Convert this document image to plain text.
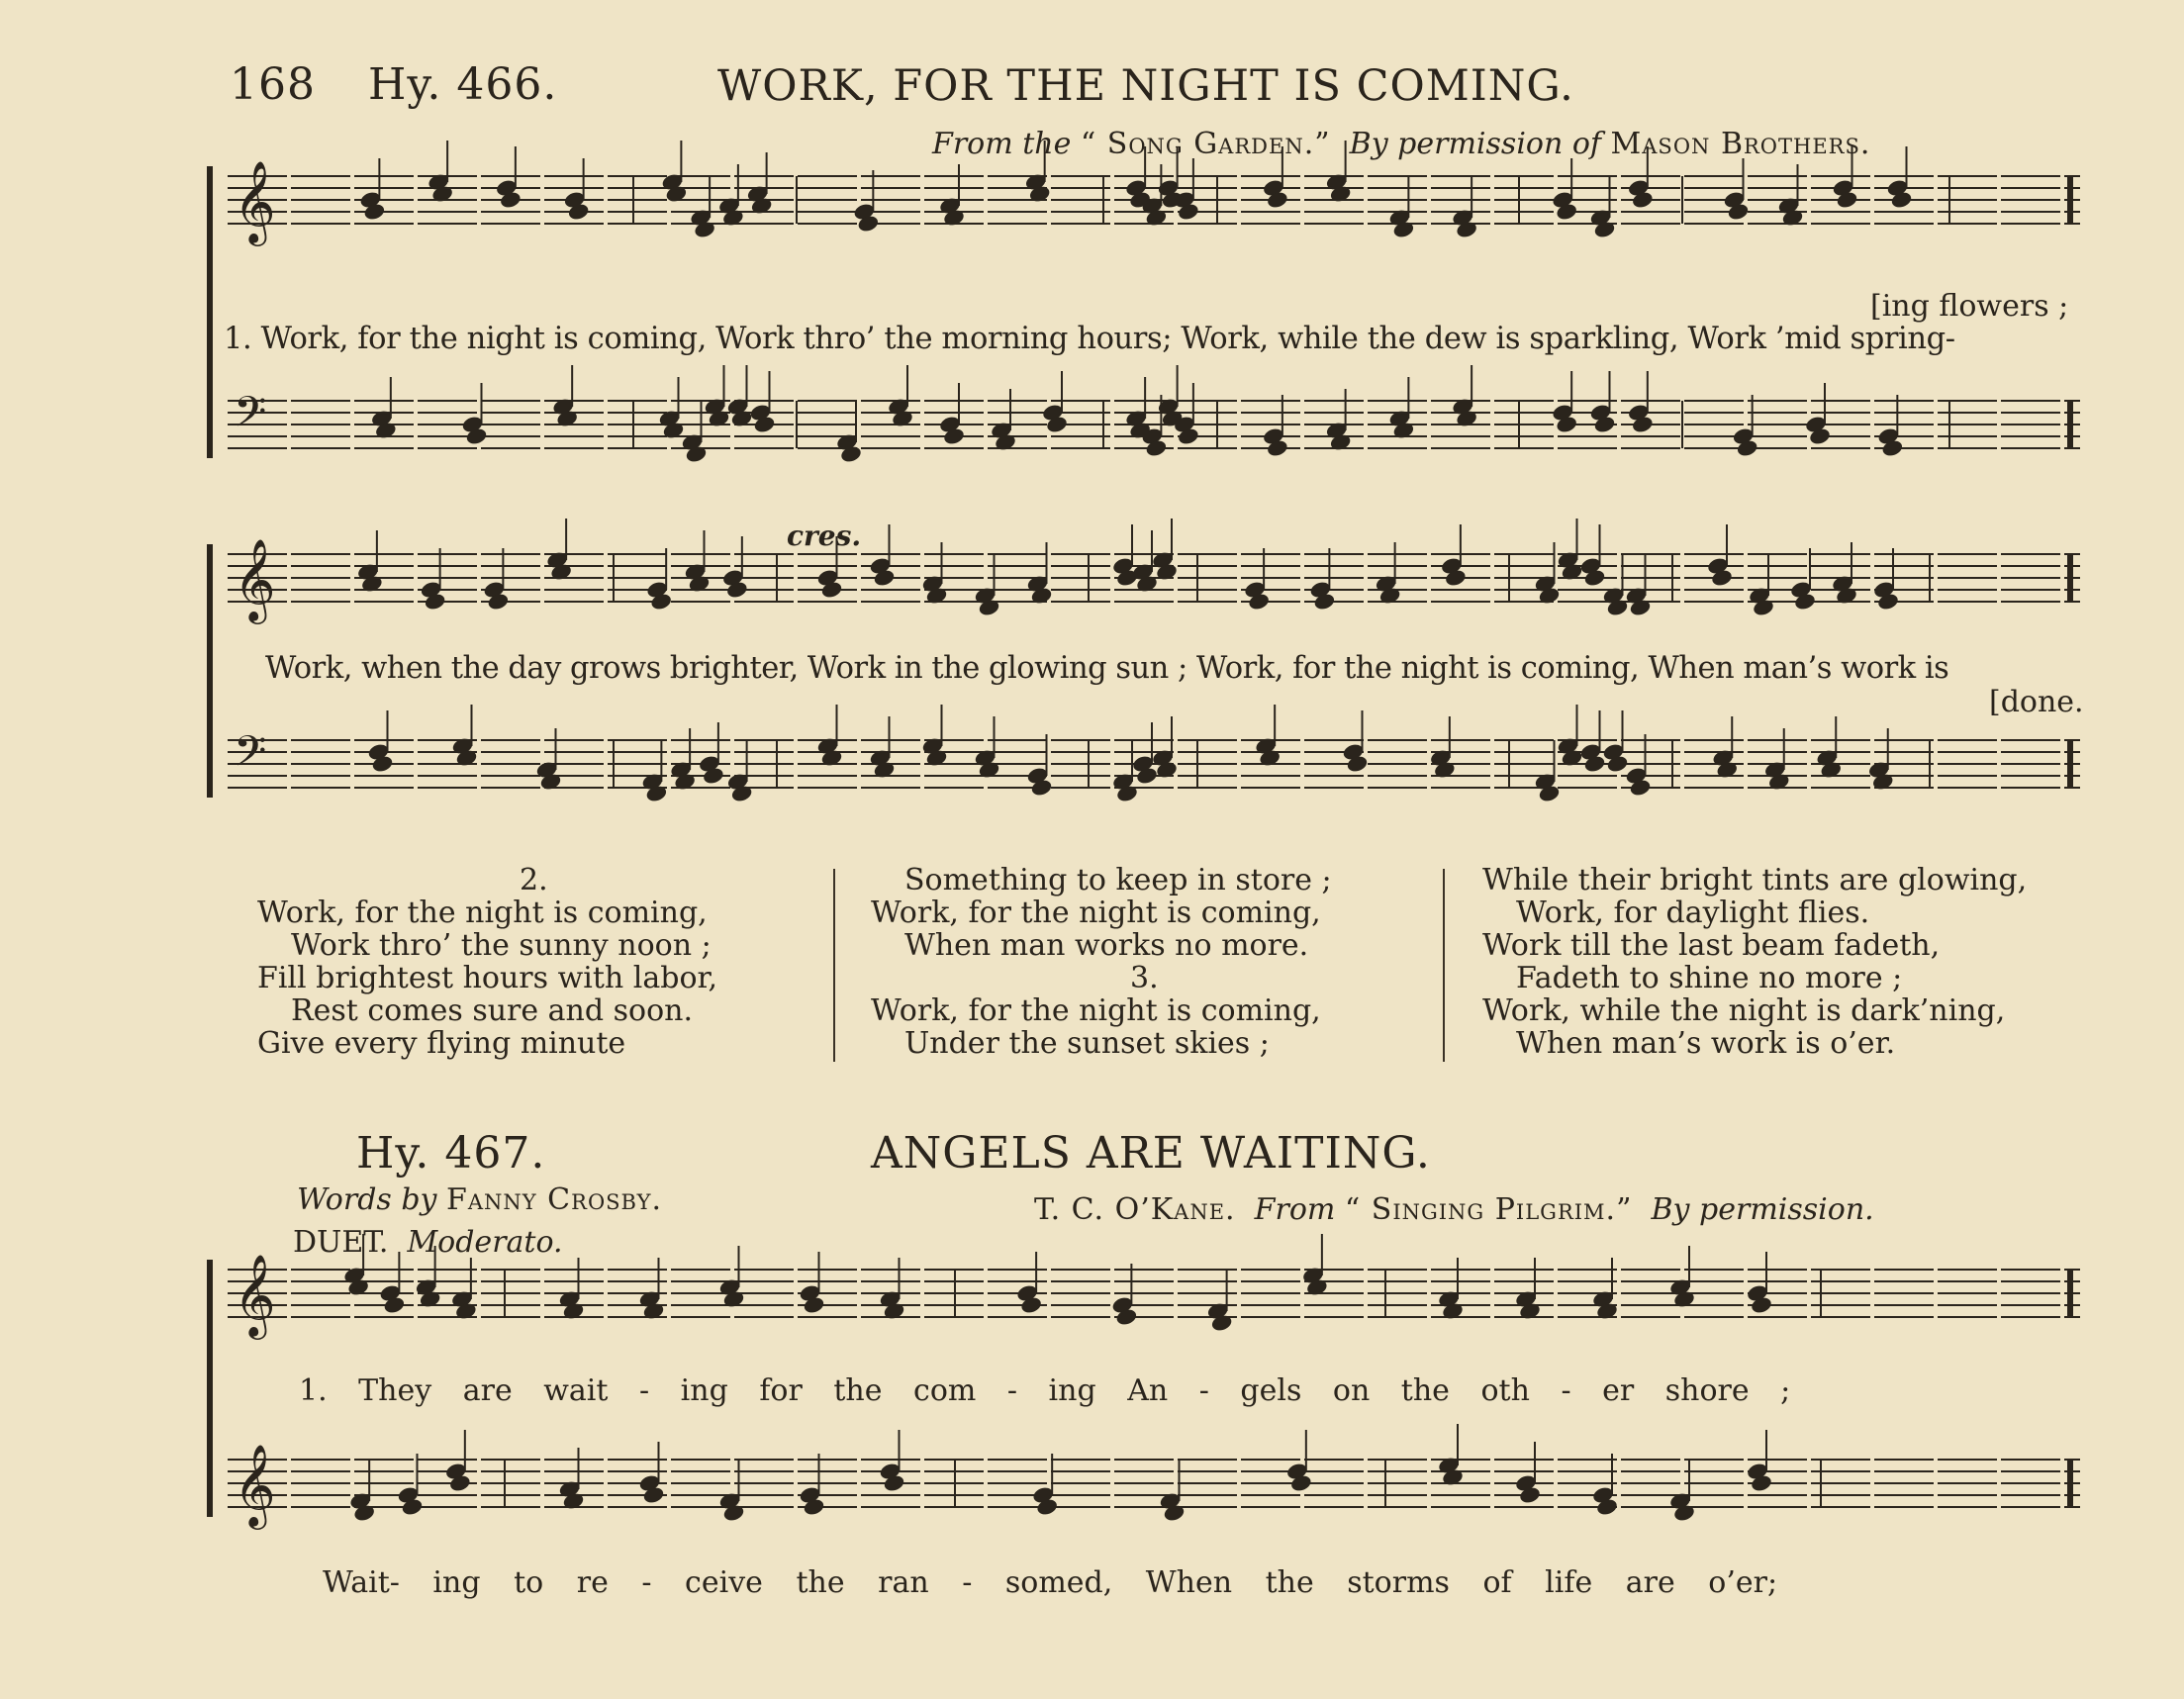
𝄞
𝄢
𝄞
𝄢
𝄞
𝄞
168 Hy. 466.	WORK, FOR THE NIGHT IS COMING.
From the “ Song Garden.” By permission of Mason Brothers.
[ing flowers ;
1. Work, for the night is coming, Work thro’ the morning hours; Work, while the dew is sparkling, Work ’mid spring-
cres.
Work, when the day grows brighter, Work in the glowing sun ; Work, for the night is coming, When man’s work is
[done.
2.
Work, for the night is coming,
Work thro’ the sunny noon ;
Fill brightest hours with labor,
Rest comes sure and soon.
Give every flying minute
Something to keep in store ;
Work, for the night is coming,
When man works no more.
3.
Work, for the night is coming,
Under the sunset skies ;
While their bright tints are glowing,
Work, for daylight flies.
Work till the last beam fadeth,
Fadeth to shine no more ;
Work, while the night is dark’ning,
When man’s work is o’er.
Hy. 467.	ANGELS ARE WAITING.
Words by Fanny Crosby.	T. C. O’Kane. From “ Singing Pilgrim.” By permission.
DUET. Moderato.
1. They are wait - ing for the com - ing An - gels on the oth - er shore ;
Wait- ing to re - ceive the ran - somed, When the storms of life are o’er;
